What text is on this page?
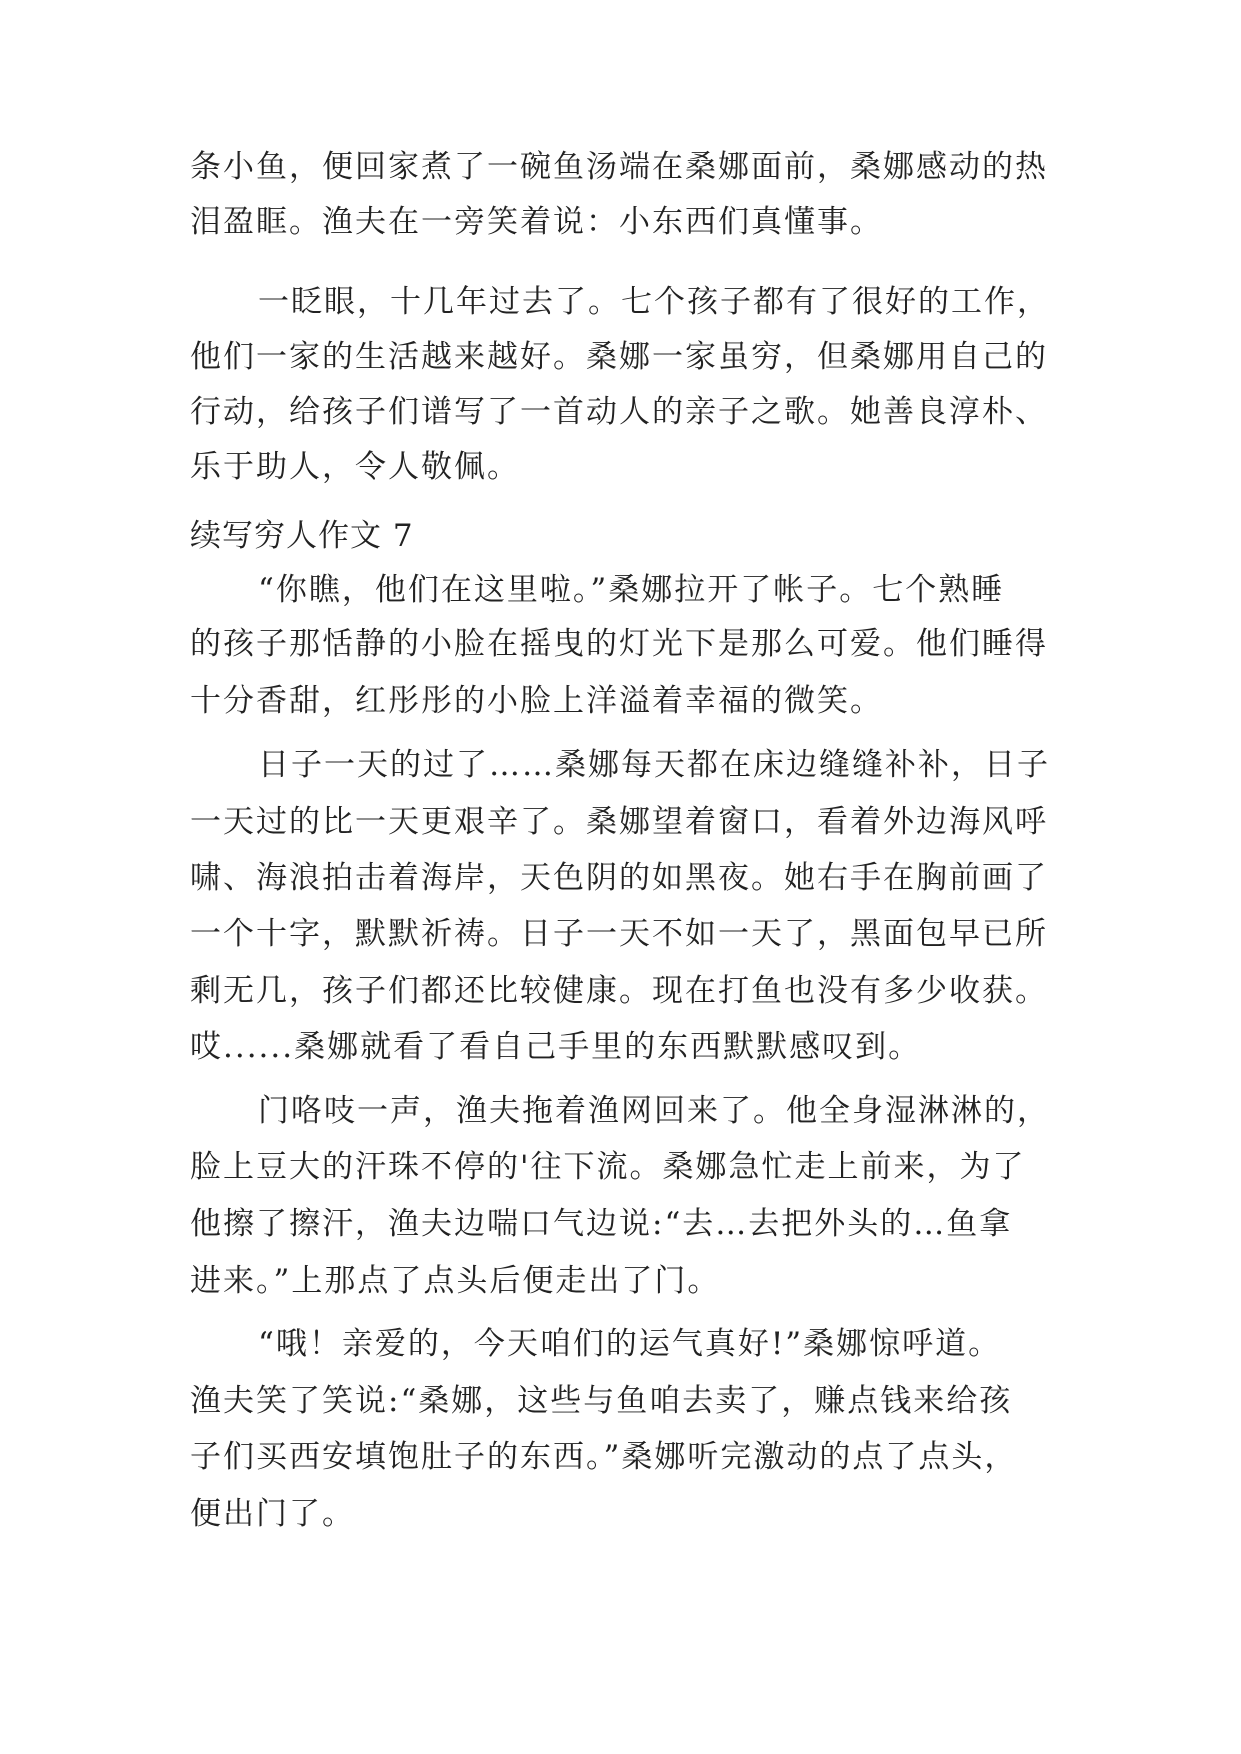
条小鱼，便回家煮了一碗鱼汤端在桑娜面前，桑娜感动的热
泪盈眶。渔夫在一旁笑着说：小东西们真懂事。
一眨眼，十几年过去了。七个孩子都有了很好的工作，
他们一家的生活越来越好。桑娜一家虽穷，但桑娜用自己的
行动，给孩子们谱写了一首动人的亲子之歌。她善良淳朴、
乐于助人，令人敬佩。
续写穷人作文 7
“你瞧，他们在这里啦。”桑娜拉开了帐子。七个熟睡
的孩子那恬静的小脸在摇曳的灯光下是那么可爱。他们睡得
十分香甜，红彤彤的小脸上洋溢着幸福的微笑。
日子一天的过了……桑娜每天都在床边缝缝补补，日子
一天过的比一天更艰辛了。桑娜望着窗口，看着外边海风呼
啸、海浪拍击着海岸，天色阴的如黑夜。她右手在胸前画了
一个十字，默默祈祷。日子一天不如一天了，黑面包早已所
剩无几，孩子们都还比较健康。现在打鱼也没有多少收获。
哎......桑娜就看了看自己手里的东西默默感叹到。
门咯吱一声，渔夫拖着渔网回来了。他全身湿淋淋的，
脸上豆大的汗珠不停的'往下流。桑娜急忙走上前来，为了
他擦了擦汗，渔夫边喘口气边说:“去…去把外头的…鱼拿
进来。”上那点了点头后便走出了门。
“哦！亲爱的，今天咱们的运气真好!”桑娜惊呼道。
渔夫笑了笑说:“桑娜，这些与鱼咱去卖了，赚点钱来给孩
子们买西安填饱肚子的东西。”桑娜听完激动的点了点头，
便出门了。
